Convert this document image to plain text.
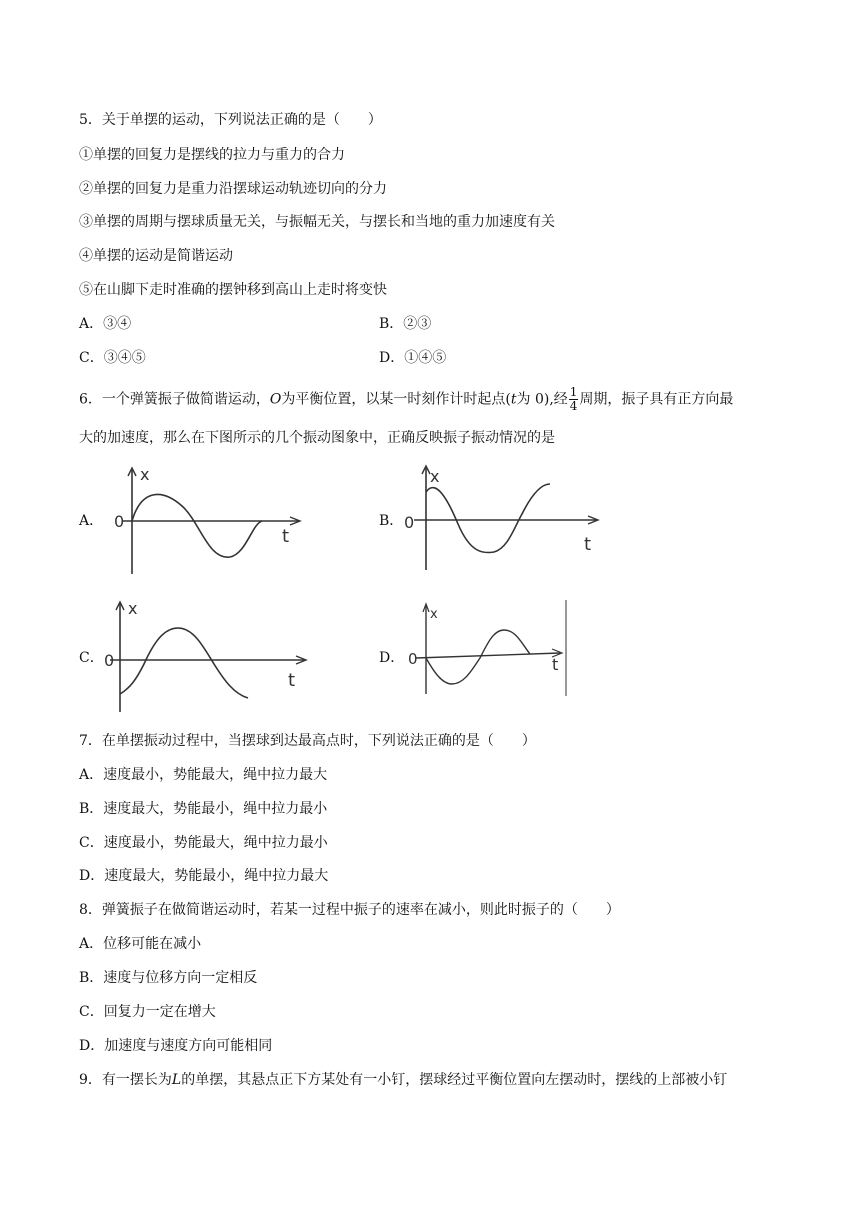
5．关于单摆的运动，下列说法正确的是（　　）
①单摆的回复力是摆线的拉力与重力的合力
②单摆的回复力是重力沿摆球运动轨迹切向的分力
③单摆的周期与摆球质量无关，与振幅无关，与摆长和当地的重力加速度有关
④单摆的运动是简谐运动
⑤在山脚下走时准确的摆钟移到高山上走时将变快
A．③④	B．②③
C．③④⑤	D．①④⑤
6．一个弹簧振子做简谐运动，O为平衡位置，以某一时刻作计时起点(t为 0),经 $\frac{1}{4}$ 周期，振子具有正方向最
大的加速度，那么在下图所示的几个振动图象中，正确反映振子振动情况的是
A．
x
0
t
B．
x
0
t
C．
x
0
t
D．
x
0	t
7．在单摆振动过程中，当摆球到达最高点时，下列说法正确的是（　　）
A．速度最小，势能最大，绳中拉力最大
B．速度最大，势能最小，绳中拉力最小
C．速度最小，势能最大，绳中拉力最小
D．速度最大，势能最小，绳中拉力最大
8．弹簧振子在做简谐运动时，若某一过程中振子的速率在减小，则此时振子的（　　）
A．位移可能在减小
B．速度与位移方向一定相反
C．回复力一定在增大
D．加速度与速度方向可能相同
9．有一摆长为L的单摆，其悬点正下方某处有一小钉，摆球经过平衡位置向左摆动时，摆线的上部被小钉
